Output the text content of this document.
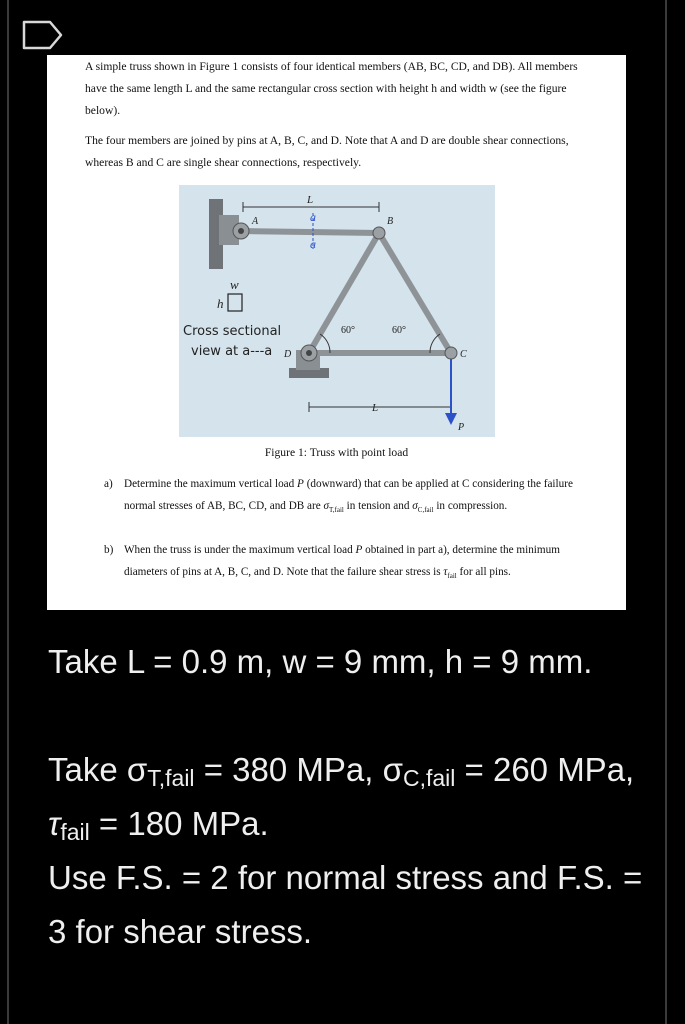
A simple truss shown in Figure 1 consists of four identical members (AB, BC, CD, and DB). All members have the same length L and the same rectangular cross section with height h and width w (see the figure below).

The four members are joined by pins at A, B, C, and D. Note that A and D are double shear connections, whereas B and C are single shear connections, respectively.

L
a
a
A	B
C
D
P
L
w
h
Cross sectional
view at a---a
60°	60°
Figure 1: Truss with point load
a)	Determine the maximum vertical load P (downward) that can be applied at C considering the failure normal stresses of AB, BC, CD, and DB are $\sigma_{T,fail}$ in tension and $\sigma_{C,fail}$ in compression.
b) When the truss is under the maximum vertical load P obtained in part a), determine the minimum diameters of pins at A, B, C, and D. Note that the failure shear stress is $\tau_{fail}$ for all pins.
Take L = 0.9 m, w = 9 mm, h = 9 mm.
Take $\sigma_{T,fail} = 380$ MPa, $\sigma_{C,fail} = 260$ MPa, $\tau_{fail} = 180$ MPa.
Use F.S. = 2 for normal stress and F.S. = 3 for shear stress.
